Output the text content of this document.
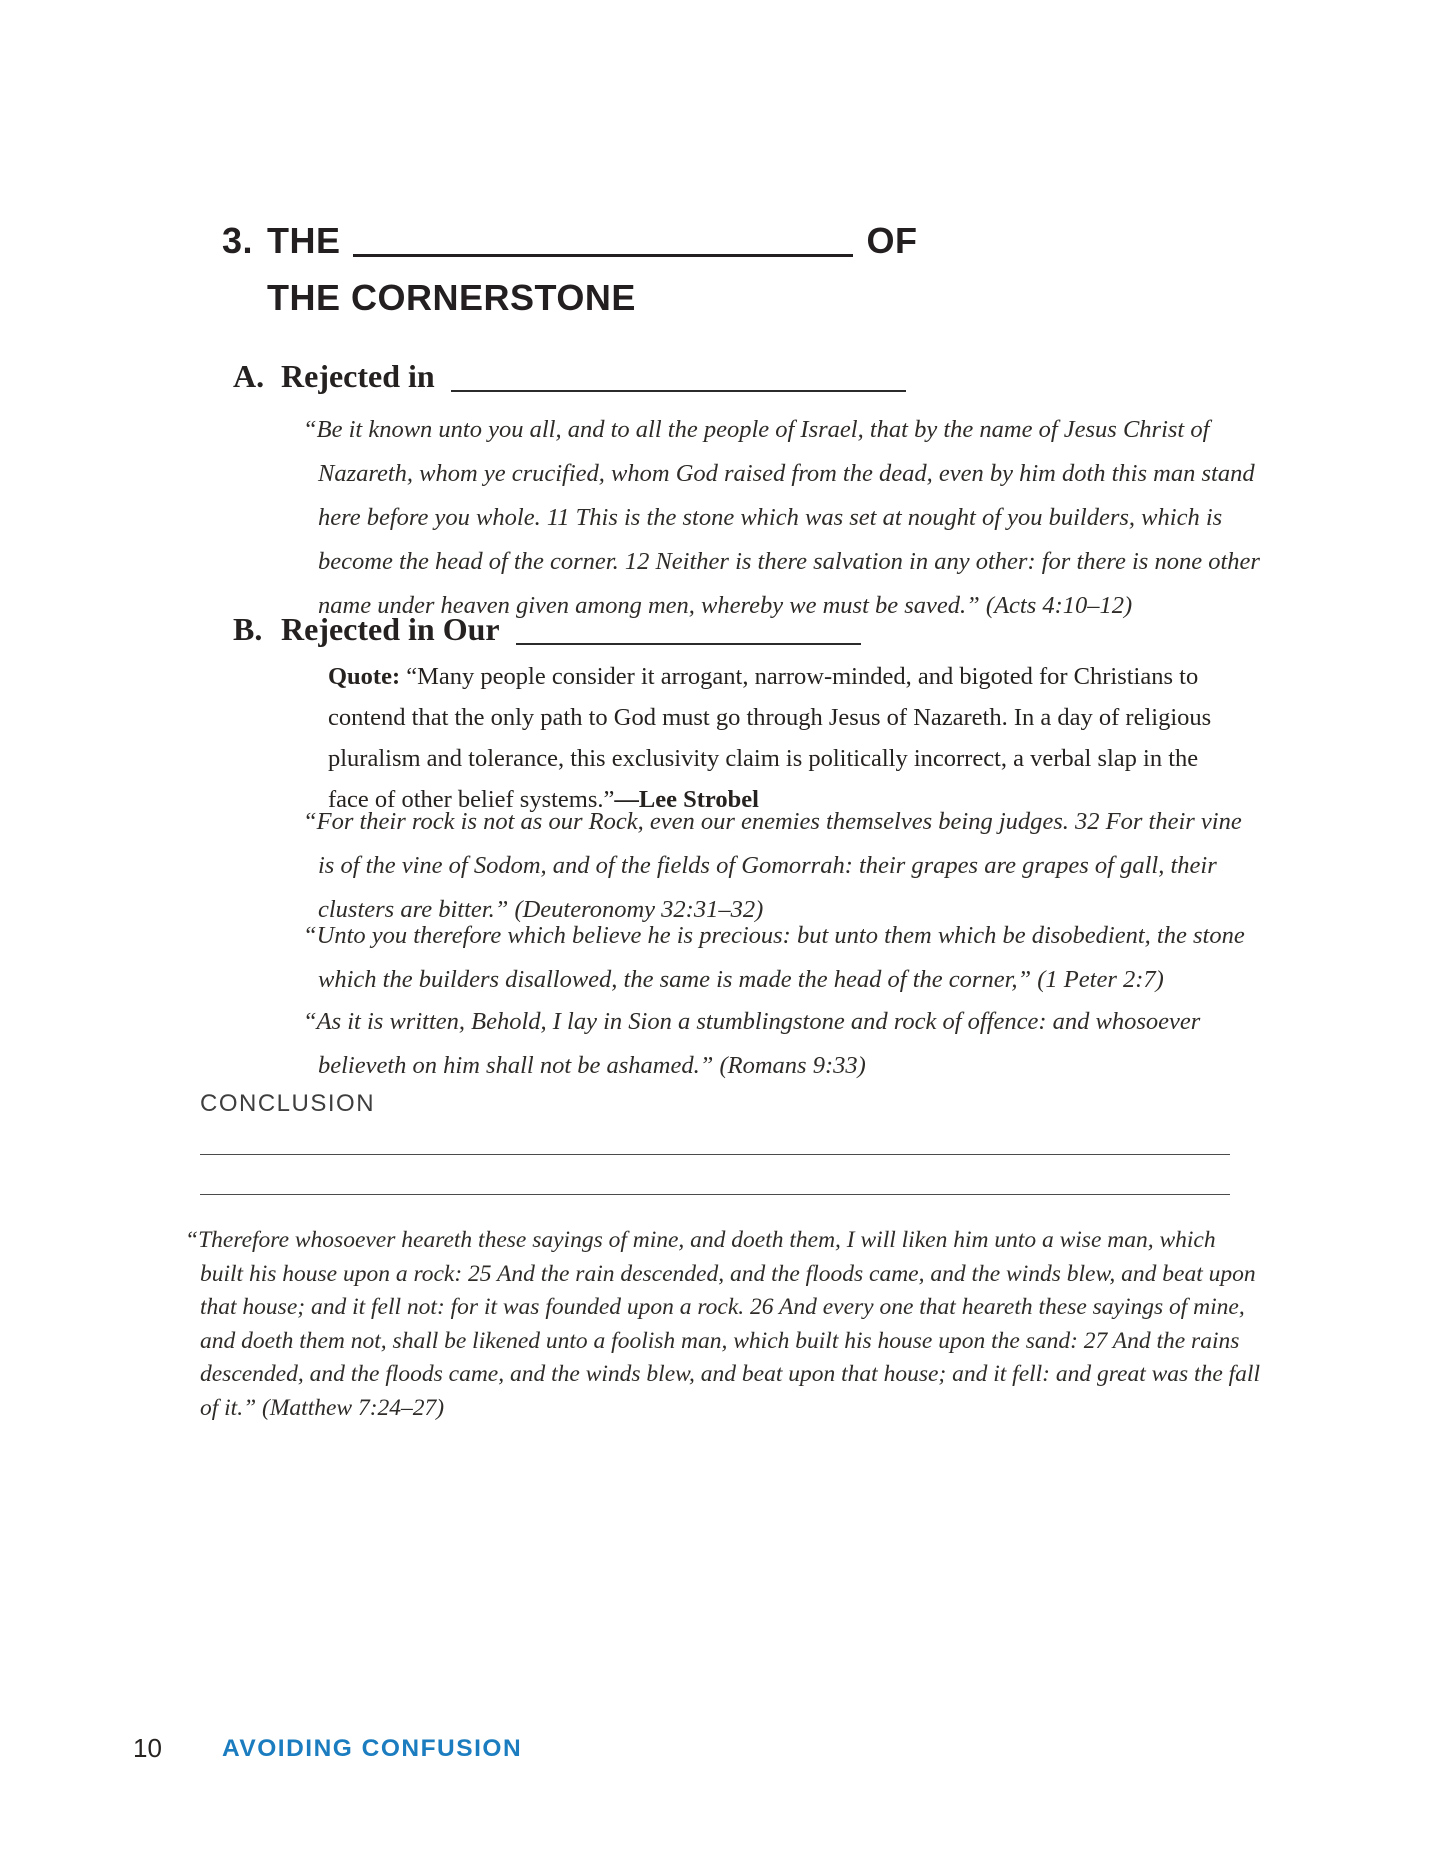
3. THE	OF
THE CORNERSTONE
A. Rejected in

“Be it known unto you all, and to all the people of Israel, that by the name of Jesus Christ of Nazareth, whom ye crucified, whom God raised from the dead, even by him doth this man stand here before you whole. 11 This is the stone which was set at nought of you builders, which is become the head of the corner. 12 Neither is there salvation in any other: for there is none other name under heaven given among men, whereby we must be saved.” (Acts 4:10–12)

B. Rejected in Our

Quote: “Many people consider it arrogant, narrow-minded, and bigoted for Christians to contend that the only path to God must go through Jesus of Nazareth. In a day of religious pluralism and tolerance, this exclusivity claim is politically incorrect, a verbal slap in the face of other belief systems.”—Lee Strobel

“For their rock is not as our Rock, even our enemies themselves being judges. 32 For their vine is of the vine of Sodom, and of the fields of Gomorrah: their grapes are grapes of gall, their clusters are bitter.” (Deuteronomy 32:31–32)

“Unto you therefore which believe he is precious: but unto them which be disobedient, the stone which the builders disallowed, the same is made the head of the corner,” (1 Peter 2:7)

“As it is written, Behold, I lay in Sion a stumblingstone and rock of offence: and whosoever believeth on him shall not be ashamed.” (Romans 9:33)

CONCLUSION

“Therefore whosoever heareth these sayings of mine, and doeth them, I will liken him unto a wise man, which built his house upon a rock: 25 And the rain descended, and the floods came, and the winds blew, and beat upon that house; and it fell not: for it was founded upon a rock. 26 And every one that heareth these sayings of mine, and doeth them not, shall be likened unto a foolish man, which built his house upon the sand: 27 And the rains descended, and the floods came, and the winds blew, and beat upon that house; and it fell: and great was the fall of it.” (Matthew 7:24–27)

10 AVOIDING CONFUSION
